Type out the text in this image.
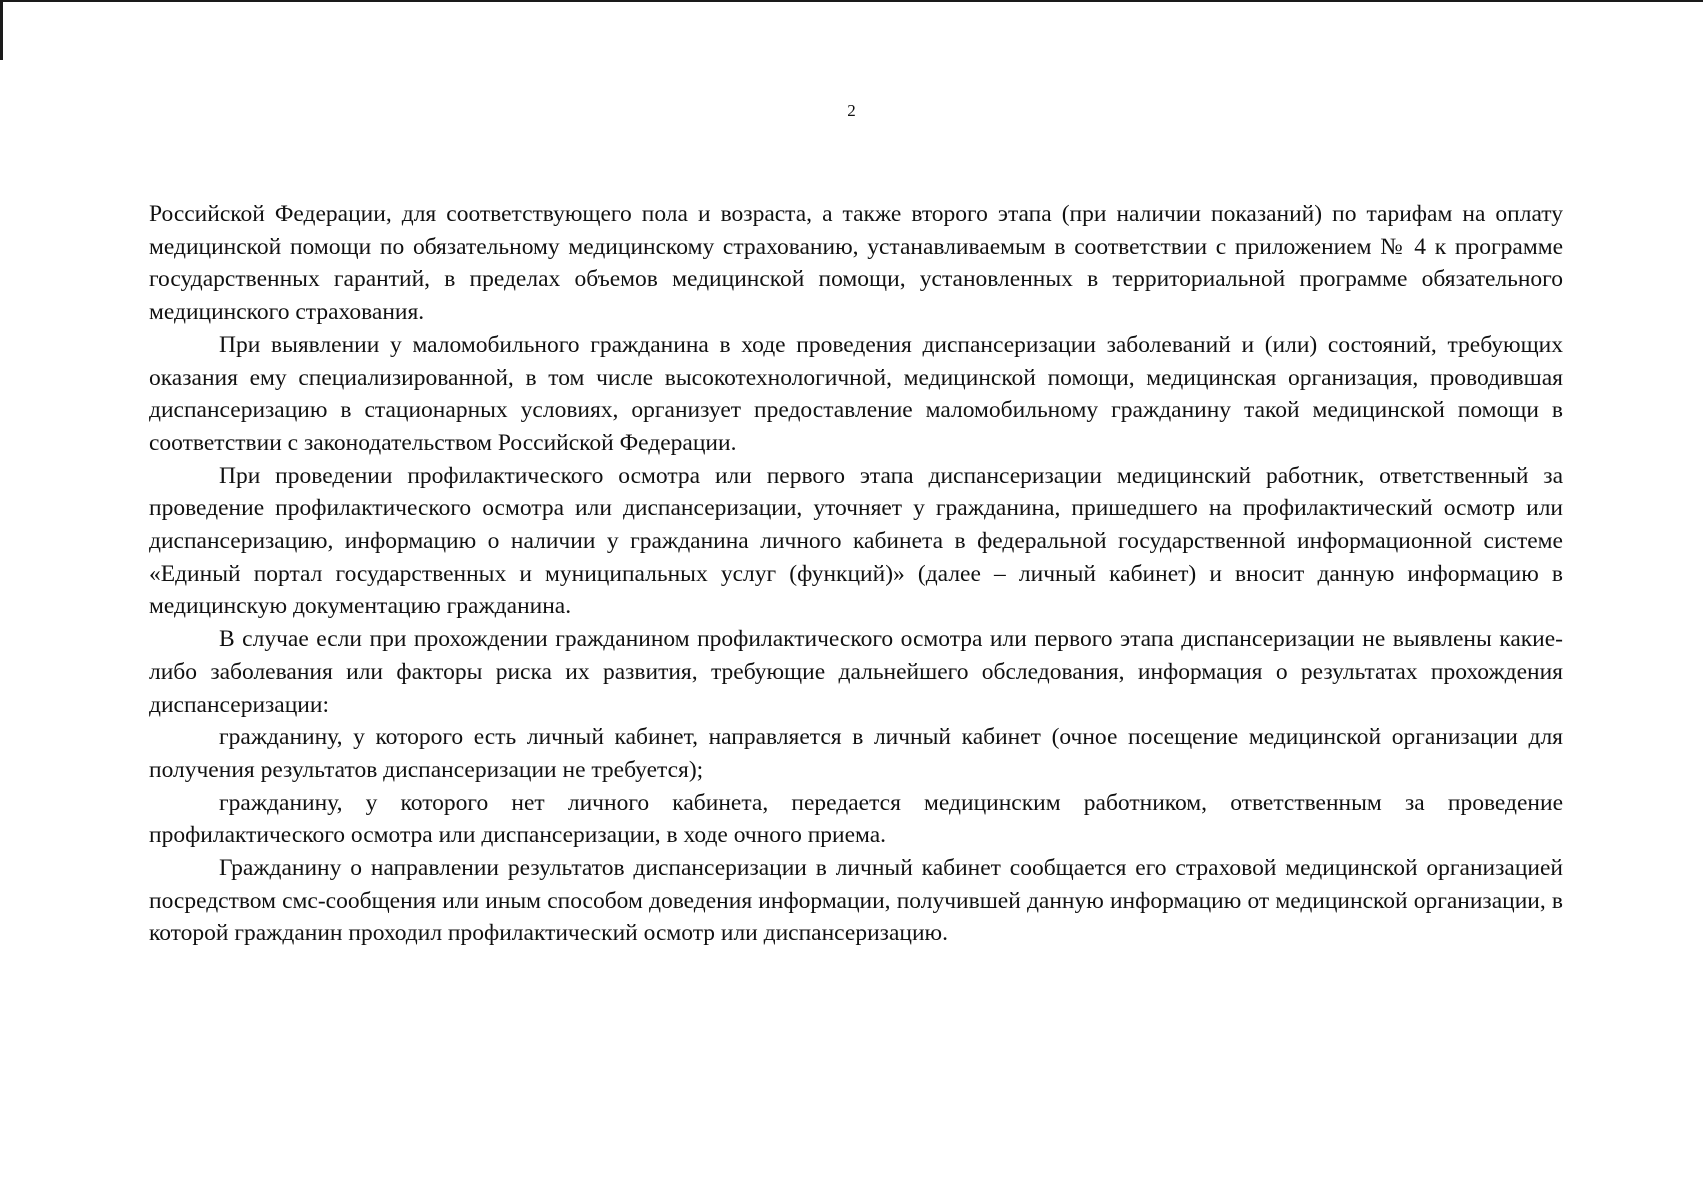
2

Российской Федерации, для соответствующего пола и возраста, а также второго этапа (при наличии показаний) по тарифам на оплату медицинской помощи по обязательному медицинскому страхованию, устанавливаемым в соответствии с приложением № 4 к программе государственных гарантий, в пределах объемов медицинской помощи, установленных в территориальной программе обязательного медицинского страхования.

При выявлении у маломобильного гражданина в ходе проведения диспансеризации заболеваний и (или) состояний, требующих оказания ему специализированной, в том числе высокотехнологичной, медицинской помощи, медицинская организация, проводившая диспансеризацию в стационарных условиях, организует предоставление маломобильному гражданину такой медицинской помощи в соответствии с законодательством Российской Федерации.

При проведении профилактического осмотра или первого этапа диспансеризации медицинский работник, ответственный за проведение профилактического осмотра или диспансеризации, уточняет у гражданина, пришедшего на профилактический осмотр или диспансеризацию, информацию о наличии у гражданина личного кабинета в федеральной государственной информационной системе «Единый портал государственных и муниципальных услуг (функций)» (далее – личный кабинет) и вносит данную информацию в медицинскую документацию гражданина.

В случае если при прохождении гражданином профилактического осмотра или первого этапа диспансеризации не выявлены какие-либо заболевания или факторы риска их развития, требующие дальнейшего обследования, информация о результатах прохождения диспансеризации:

гражданину, у которого есть личный кабинет, направляется в личный кабинет (очное посещение медицинской организации для получения результатов диспансеризации не требуется);

гражданину, у которого нет личного кабинета, передается медицинским работником, ответственным за проведение профилактического осмотра или диспансеризации, в ходе очного приема.

Гражданину о направлении результатов диспансеризации в личный кабинет сообщается его страховой медицинской организацией посредством смс-сообщения или иным способом доведения информации, получившей данную информацию от медицинской организации, в которой гражданин проходил профилактический осмотр или диспансеризацию.
